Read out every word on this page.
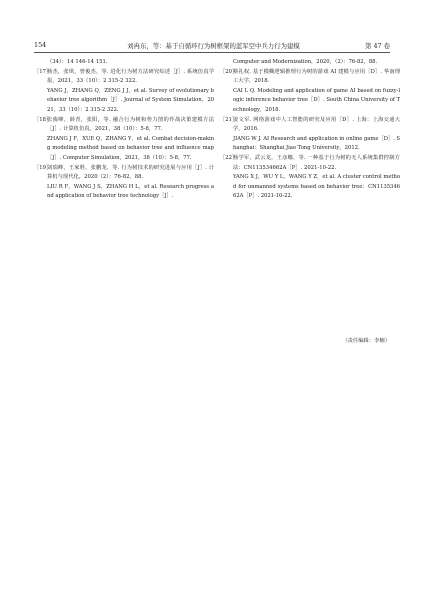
154	刘冉东，等：基于自循环行为树框架的蓝军空中兵力行为建模	第 47 卷

（34）：14 146-14 151.

［17］

杨杰，张琪，曾俊杰，等. 进化行为树方法研究综述［J］. 系统仿真学报，2021，33（10）：2 315-2 322.

YANG J，ZHANG Q，ZENG J J，et al. Survey of evolutionary behavior tree algorithm［J］. Journal of System Simulation，2021，33（10）：2 315-2 322.

［18］

张俊峰，薛青，张阳，等. 融合行为树和势力图的作战决策建模方法［J］. 计算机仿真，2021，38（10）：5-8，77.

ZHANG J F，XUE Q，ZHANG Y，et al. Combat decision-making modeling method based on behavior tree and influence map［J］. Computer Simulation，2021，38（10）：5-8，77.

［19］

刘瑞峰，王家胜，张鹏龙，等. 行为树技术的研究进展与应用［J］. 计算机与现代化，2020（2）：76-82，88.

LIU R F，WANG J S，ZHANG H L，et al. Research progress and application of behavior tree technology［J］.

Computer and Modernization，2020，（2）：76-82，88.

［20］

蔡礼权. 基于模糊逻辑推理行为树的游戏 AI 建模与应用［D］. 华南理工大学，2018.

CAI L Q. Modeling and application of game AI based on fuzzy-logic inference behavior tree［D］. South China University of Technology，2018.

［21］

姜文军. 网络游戏中人工智能的研究及应用［D］. 上海：上海交通大学，2016.

JIANG W J. AI Research and application in online game［D］. Shanghai：Shanghai Jiao Tong University，2012.

［22］

杨学军，武云龙，王彦娜，等. 一种基于行为树的无人系统集群控制方法：CN113534662A［P］. 2021-10-22.

YANG X J，WU Y L，WANG Y Z，et al. A cluster control method for unmanned systems based on behavior tree：CN113534662A［P］. 2021-10-22.

（责任编辑：李楠）
